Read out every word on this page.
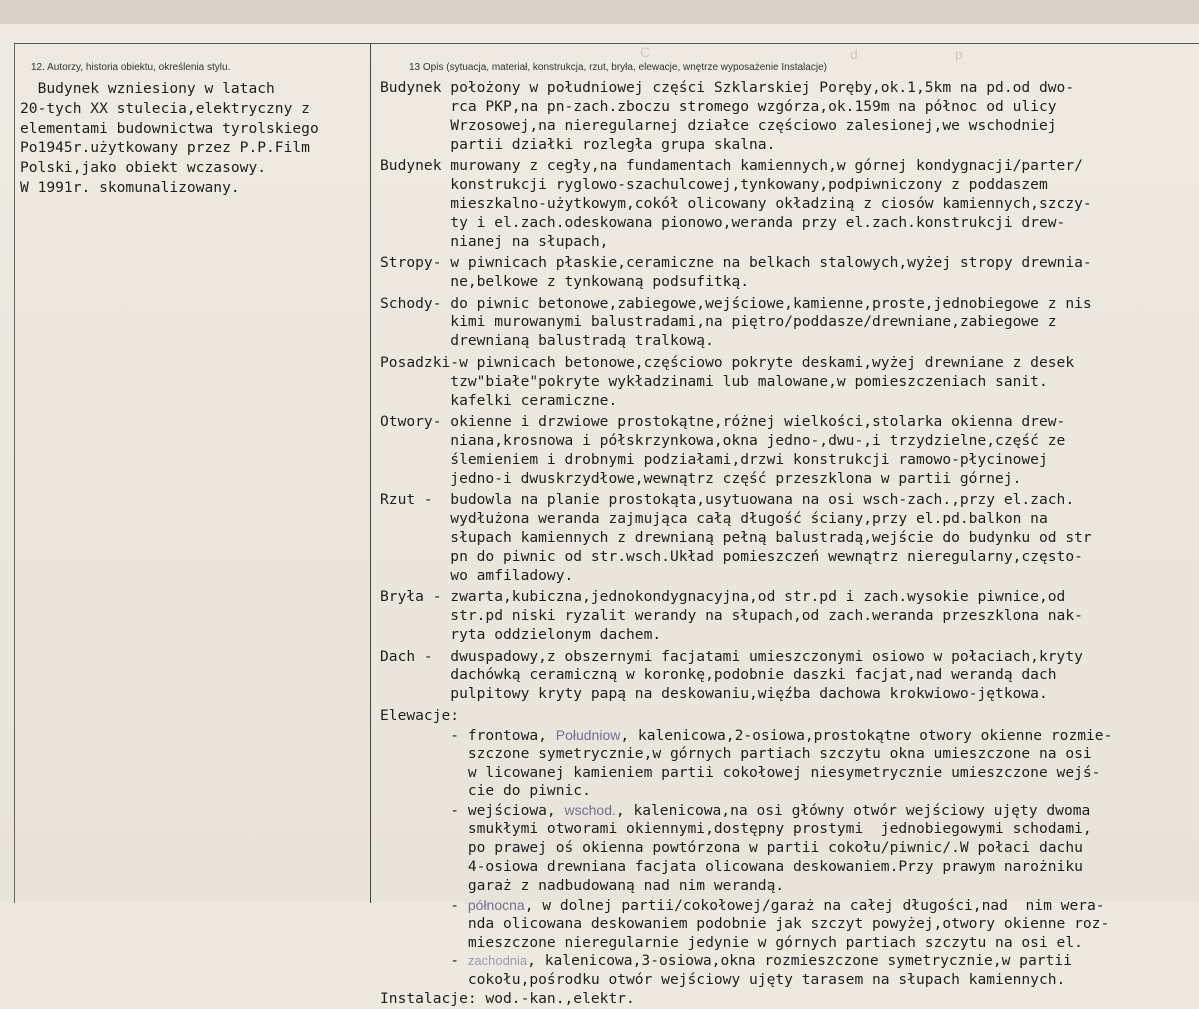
C	d	p
12. Autorzy, historia obiektu, określenia stylu.	13 Opis (sytuacja, materiał, konstrukcja, rzut, bryła, elewacje, wnętrze wyposażenie Instalacje)
Budynek wzniesiony w latach
20-tych XX stulecia,elektryczny z
elementami budownictwa tyrolskiego
Po1945r.użytkowany przez P.P.Film
Polski,jako obiekt wczasowy.
W 1991r. skomunalizowany.
Budynek położony w południowej części Szklarskiej Poręby,ok.1,5km na pd.od dwo-
rca PKP,na pn-zach.zboczu stromego wzgórza,ok.159m na północ od ulicy
Wrzosowej,na nieregularnej działce częściowo zalesionej,we wschodniej
partii działki rozległa grupa skalna.
Budynek murowany z cegły,na fundamentach kamiennych,w górnej kondygnacji/parter/
konstrukcji ryglowo-szachulcowej,tynkowany,podpiwniczony z poddaszem
mieszkalno-użytkowym,cokół olicowany okładziną z ciosów kamiennych,szczy-
ty i el.zach.odeskowana pionowo,weranda przy el.zach.konstrukcji drew-
nianej na słupach,
Stropy- w piwnicach płaskie,ceramiczne na belkach stalowych,wyżej stropy drewnia-
ne,belkowe z tynkowaną podsufitką.
Schody- do piwnic betonowe,zabiegowe,wejściowe,kamienne,proste,jednobiegowe z nis
kimi murowanymi balustradami,na piętro/poddasze/drewniane,zabiegowe z
drewnianą balustradą tralkową.
Posadzki-w piwnicach betonowe,częściowo pokryte deskami,wyżej drewniane z desek
tzw"białe"pokryte wykładzinami lub malowane,w pomieszczeniach sanit.
kafelki ceramiczne.
Otwory- okienne i drzwiowe prostokątne,różnej wielkości,stolarka okienna drew-
niana,krosnowa i półskrzynkowa,okna jedno-,dwu-,i trzydzielne,część ze
ślemieniem i drobnymi podziałami,drzwi konstrukcji ramowo-płycinowej
jedno-i dwuskrzydłowe,wewnątrz część przeszklona w partii górnej.
Rzut -  budowla na planie prostokąta,usytuowana na osi wsch-zach.,przy el.zach.
wydłużona weranda zajmująca całą długość ściany,przy el.pd.balkon na
słupach kamiennych z drewnianą pełną balustradą,wejście do budynku od str
pn do piwnic od str.wsch.Układ pomieszczeń wewnątrz nieregularny,często-
wo amfiladowy.
Bryła - zwarta,kubiczna,jednokondygnacyjna,od str.pd i zach.wysokie piwnice,od
str.pd niski ryzalit werandy na słupach,od zach.weranda przeszklona nak-
ryta oddzielonym dachem.
Dach -  dwuspadowy,z obszernymi facjatami umieszczonymi osiowo w połaciach,kryty
dachówką ceramiczną w koronkę,podobnie daszki facjat,nad werandą dach
pulpitowy kryty papą na deskowaniu,więźba dachowa krokwiowo-jętkowa.
Elewacje:
- frontowa, Południow, kalenicowa,2-osiowa,prostokątne otwory okienne rozmie-
szczone symetrycznie,w górnych partiach szczytu okna umieszczone na osi
w licowanej kamieniem partii cokołowej niesymetrycznie umieszczone wejś-
cie do piwnic.
- wejściowa, wschod., kalenicowa,na osi główny otwór wejściowy ujęty dwoma
smukłymi otworami okiennymi,dostępny prostymi  jednobiegowymi schodami,
po prawej oś okienna powtórzona w partii cokołu/piwnic/.W połaci dachu
4-osiowa drewniana facjata olicowana deskowaniem.Przy prawym narożniku
garaż z nadbudowaną nad nim werandą.
- północna, w dolnej partii/cokołowej/garaż na całej długości,nad  nim wera-
nda olicowana deskowaniem podobnie jak szczyt powyżej,otwory okienne roz-
mieszczone nieregularnie jedynie w górnych partiach szczytu na osi el.
- zachodnia, kalenicowa,3-osiowa,okna rozmieszczone symetrycznie,w partii
cokołu,pośrodku otwór wejściowy ujęty tarasem na słupach kamiennych.
Instalacje: wod.-kan.,elektr.
